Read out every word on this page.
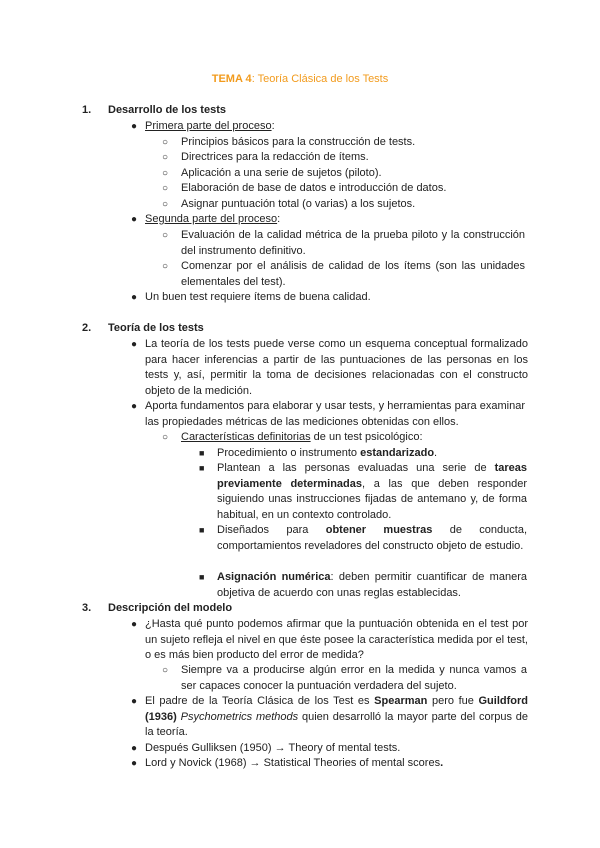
TEMA 4: Teoría Clásica de los Tests
1. Desarrollo de los tests
● Primera parte del proceso:
○ Principios básicos para la construcción de tests.
○ Directrices para la redacción de ítems.
○ Aplicación a una serie de sujetos (piloto).
○ Elaboración de base de datos e introducción de datos.
○ Asignar puntuación total (o varias) a los sujetos.
● Segunda parte del proceso:
○ Evaluación de la calidad métrica de la prueba piloto y la construcción del instrumento definitivo.
○ Comenzar por el análisis de calidad de los ítems (son las unidades elementales del test).
● Un buen test requiere ítems de buena calidad.
2. Teoría de los tests
● La teoría de los tests puede verse como un esquema conceptual formalizado para hacer inferencias a partir de las puntuaciones de las personas en los tests y, así, permitir la toma de decisiones relacionadas con el constructo objeto de la medición.
● Aporta fundamentos para elaborar y usar tests, y herramientas para examinar las propiedades métricas de las mediciones obtenidas con ellos.
○ Características definitorias de un test psicológico:
■ Procedimiento o instrumento estandarizado.
■ Plantean a las personas evaluadas una serie de tareas previamente determinadas, a las que deben responder siguiendo unas instrucciones fijadas de antemano y, de forma habitual, en un contexto controlado.
■ Diseñados para obtener muestras de conducta, comportamientos reveladores del constructo objeto de estudio.
■ Asignación numérica: deben permitir cuantificar de manera objetiva de acuerdo con unas reglas establecidas.
3. Descripción del modelo
● ¿Hasta qué punto podemos afirmar que la puntuación obtenida en el test por un sujeto refleja el nivel en que éste posee la característica medida por el test, o es más bien producto del error de medida?
○ Siempre va a producirse algún error en la medida y nunca vamos a ser capaces conocer la puntuación verdadera del sujeto.
● El padre de la Teoría Clásica de los Test es Spearman pero fue Guildford (1936) Psychometrics methods quien desarrolló la mayor parte del corpus de la teoría.
● Después Gulliksen (1950) → Theory of mental tests.
● Lord y Novick (1968) → Statistical Theories of mental scores.
